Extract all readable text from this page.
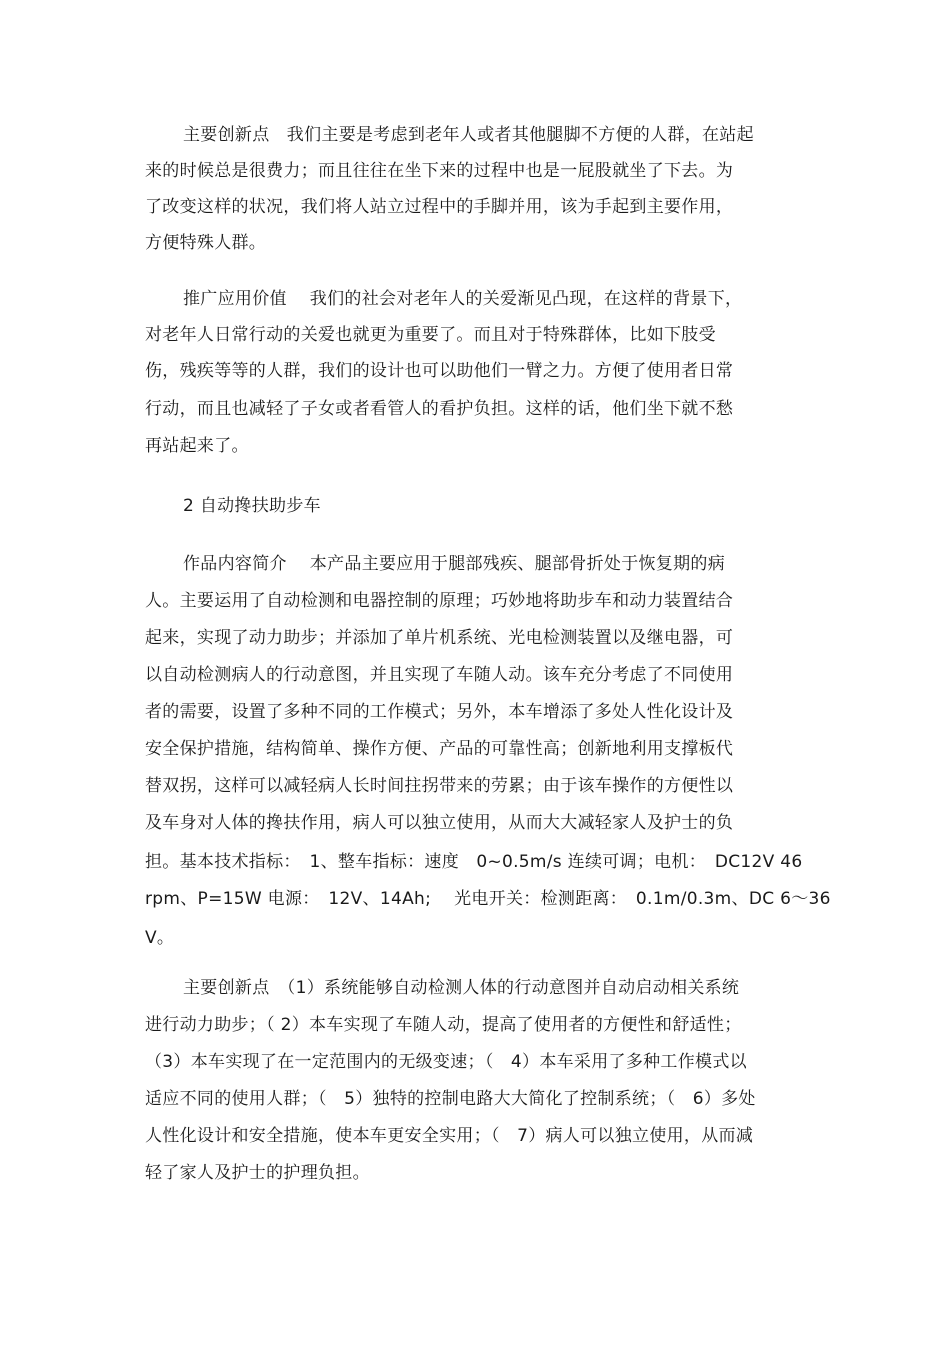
主要创新点　我们主要是考虑到老年人或者其他腿脚不方便的人群，在站起
来的时候总是很费力；而且往往在坐下来的过程中也是一屁股就坐了下去。为
了改变这样的状况，我们将人站立过程中的手脚并用，该为手起到主要作用，
方便特殊人群。
推广应用价值　 我们的社会对老年人的关爱渐见凸现，在这样的背景下，
对老年人日常行动的关爱也就更为重要了。而且对于特殊群体，比如下肢受
伤，残疾等等的人群，我们的设计也可以助他们一臂之力。方便了使用者日常
行动，而且也减轻了子女或者看管人的看护负担。这样的话，他们坐下就不愁
再站起来了。
2 自动搀扶助步车
作品内容简介　 本产品主要应用于腿部残疾、腿部骨折处于恢复期的病
人。主要运用了自动检测和电器控制的原理；巧妙地将助步车和动力装置结合
起来，实现了动力助步；并添加了单片机系统、光电检测装置以及继电器，可
以自动检测病人的行动意图，并且实现了车随人动。该车充分考虑了不同使用
者的需要，设置了多种不同的工作模式；另外，本车增添了多处人性化设计及
安全保护措施，结构简单、操作方便、产品的可靠性高；创新地利用支撑板代
替双拐，这样可以减轻病人长时间拄拐带来的劳累；由于该车操作的方便性以
及车身对人体的搀扶作用，病人可以独立使用，从而大大减轻家人及护士的负
担。基本技术指标：　1、整车指标：速度　0~0.5m/s 连续可调；电机：　DC12V 46
rpm、P=15W 电源：　12V、14Ah;　 光电开关：检测距离：　0.1m/0.3m、DC 6～36
V。
主要创新点　（1）系统能够自动检测人体的行动意图并自动启动相关系统
进行动力助步；（ 2）本车实现了车随人动，提高了使用者的方便性和舒适性；
（3）本车实现了在一定范围内的无级变速；（　4）本车采用了多种工作模式以
适应不同的使用人群；（　5）独特的控制电路大大简化了控制系统；（　6）多处
人性化设计和安全措施，使本车更安全实用；（　7）病人可以独立使用，从而减
轻了家人及护士的护理负担。
